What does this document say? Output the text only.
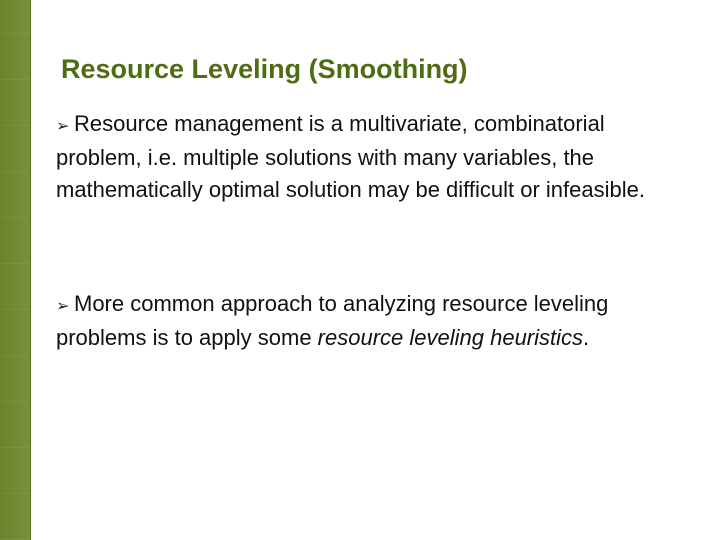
Resource Leveling (Smoothing)

➢ Resource management is a multivariate, combinatorial problem, i.e. multiple solutions with many variables, the mathematically optimal solution may be difficult or infeasible.

➢ More common approach to analyzing resource leveling problems is to apply some resource leveling heuristics.
